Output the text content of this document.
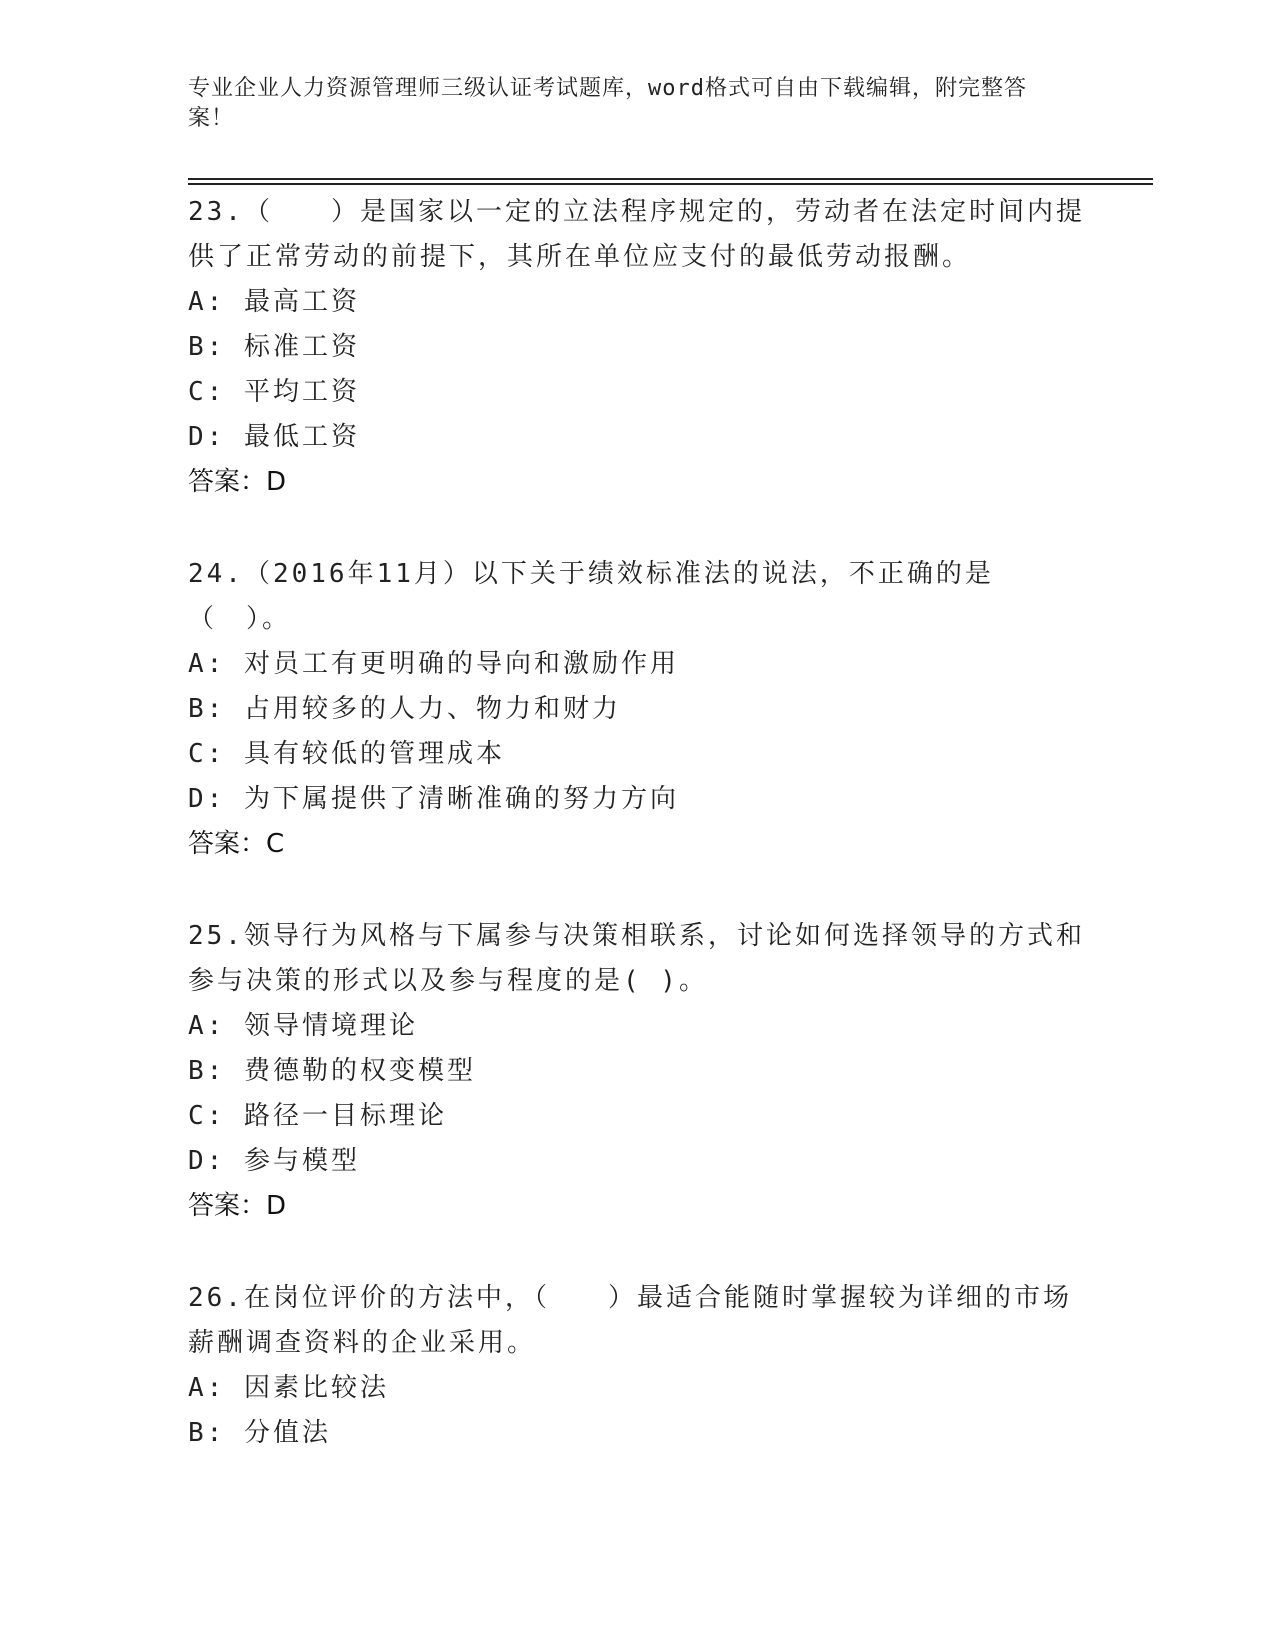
专业企业人力资源管理师三级认证考试题库，word格式可自由下载编辑，附完整答案！

23.（　　）是国家以一定的立法程序规定的，劳动者在法定时间内提供了正常劳动的前提下，其所在单位应支付的最低劳动报酬。

A: 最高工资

B: 标准工资

C: 平均工资

D: 最低工资

答案：D

24.（2016年11月）以下关于绩效标准法的说法，不正确的是（　）。

A: 对员工有更明确的导向和激励作用

B: 占用较多的人力、物力和财力

C: 具有较低的管理成本

D: 为下属提供了清晰准确的努力方向

答案：C

25.领导行为风格与下属参与决策相联系，讨论如何选择领导的方式和参与决策的形式以及参与程度的是( )。

A: 领导情境理论

B: 费德勒的权变模型

C: 路径一目标理论

D: 参与模型

答案：D

26.在岗位评价的方法中，（　　）最适合能随时掌握较为详细的市场薪酬调查资料的企业采用。

A: 因素比较法

B: 分值法
